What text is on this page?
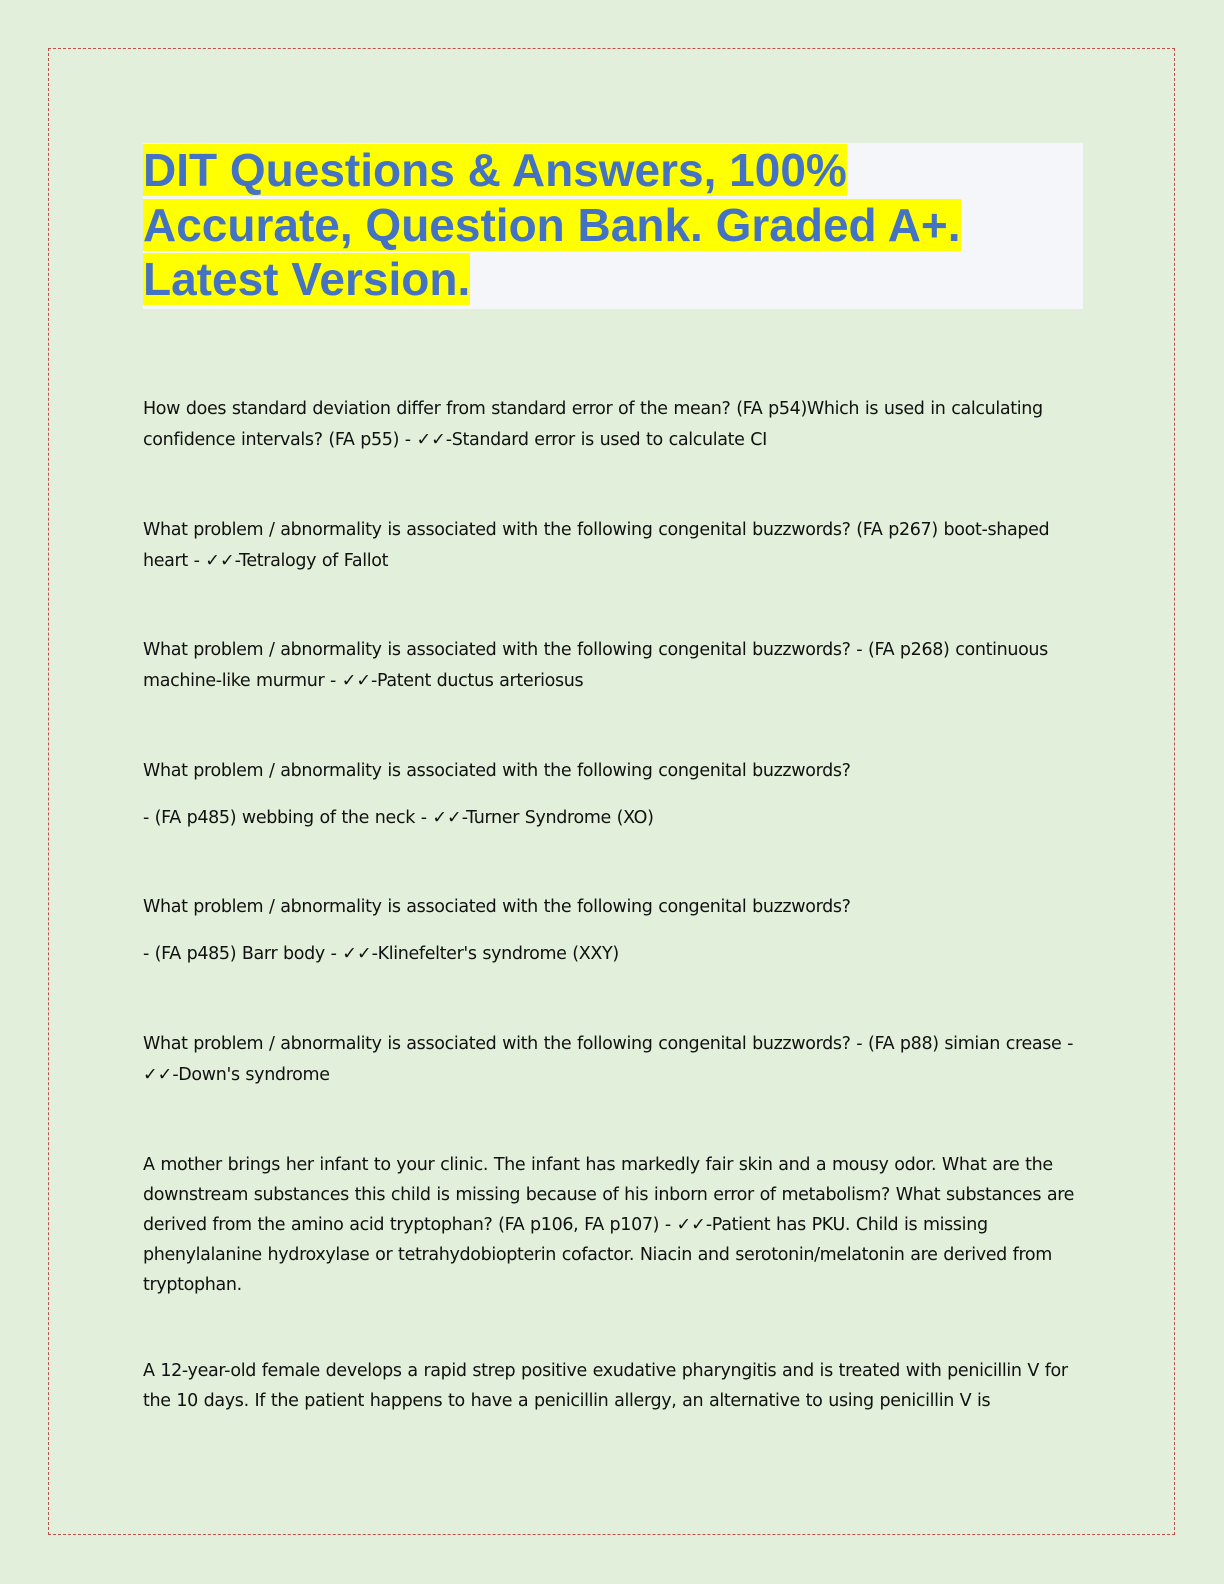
DIT Questions & Answers, 100%
Accurate, Question Bank. Graded A+.
Latest Version.

How does standard deviation differ from standard error of the mean? (FA p54)Which is used in calculating confidence intervals? (FA p55) - ✓✓-Standard error is used to calculate CI

What problem / abnormality is associated with the following congenital buzzwords? (FA p267) boot-shaped heart - ✓✓-Tetralogy of Fallot

What problem / abnormality is associated with the following congenital buzzwords? - (FA p268) continuous machine-like murmur - ✓✓-Patent ductus arteriosus

What problem / abnormality is associated with the following congenital buzzwords?

- (FA p485) webbing of the neck - ✓✓-Turner Syndrome (XO)

What problem / abnormality is associated with the following congenital buzzwords?

- (FA p485) Barr body - ✓✓-Klinefelter's syndrome (XXY)

What problem / abnormality is associated with the following congenital buzzwords? - (FA p88) simian crease - ✓✓-Down's syndrome

A mother brings her infant to your clinic. The infant has markedly fair skin and a mousy odor. What are the downstream substances this child is missing because of his inborn error of metabolism? What substances are derived from the amino acid tryptophan? (FA p106, FA p107) - ✓✓-Patient has PKU. Child is missing phenylalanine hydroxylase or tetrahydobiopterin cofactor. Niacin and serotonin/melatonin are derived from tryptophan.

A 12-year-old female develops a rapid strep positive exudative pharyngitis and is treated with penicillin V for the 10 days. If the patient happens to have a penicillin allergy, an alternative to using penicillin V is
